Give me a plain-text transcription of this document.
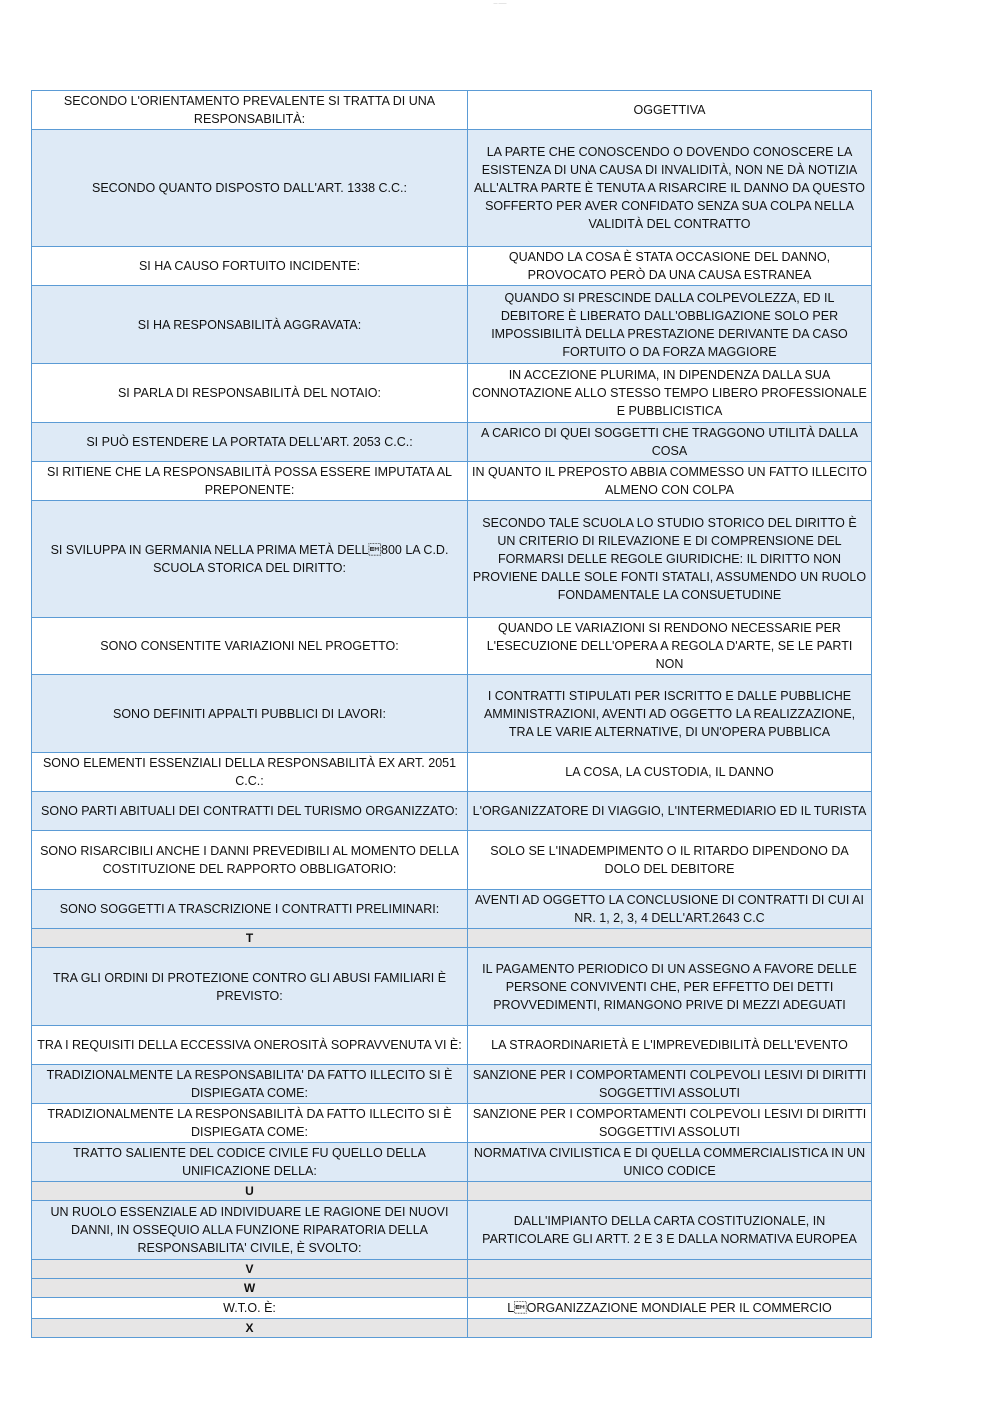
— ——
SECONDO L'ORIENTAMENTO PREVALENTE SI TRATTA DI UNA RESPONSABILITÀ:	OGGETTIVA
SECONDO QUANTO DISPOSTO DALL'ART. 1338 C.C.:	LA PARTE CHE CONOSCENDO O DOVENDO CONOSCERE LA ESISTENZA DI UNA CAUSA DI INVALIDITÀ, NON NE DÀ NOTIZIA ALL'ALTRA PARTE È TENUTA A RISARCIRE IL DANNO DA QUESTO SOFFERTO PER AVER CONFIDATO SENZA SUA COLPA NELLA VALIDITÀ DEL CONTRATTO
SI HA CAUSO FORTUITO INCIDENTE:	QUANDO LA COSA È STATA OCCASIONE DEL DANNO, PROVOCATO PERÒ DA UNA CAUSA ESTRANEA
SI HA RESPONSABILITÀ AGGRAVATA:	QUANDO SI PRESCINDE DALLA COLPEVOLEZZA, ED IL DEBITORE È LIBERATO DALL'OBBLIGAZIONE SOLO PER IMPOSSIBILITÀ DELLA PRESTAZIONE DERIVANTE DA CASO FORTUITO O DA FORZA MAGGIORE
SI PARLA DI RESPONSABILITÀ DEL NOTAIO:	IN ACCEZIONE PLURIMA, IN DIPENDENZA DALLA SUA CONNOTAZIONE ALLO STESSO TEMPO LIBERO PROFESSIONALE E PUBBLICISTICA
SI PUÒ ESTENDERE LA PORTATA DELL'ART. 2053 C.C.:	A CARICO DI QUEI SOGGETTI CHE TRAGGONO UTILITÀ DALLA COSA
SI RITIENE CHE LA RESPONSABILITÀ POSSA ESSERE IMPUTATA AL PREPONENTE:	IN QUANTO IL PREPOSTO ABBIA COMMESSO UN FATTO ILLECITO ALMENO CON COLPA
SI SVILUPPA IN GERMANIA NELLA PRIMA METÀ DELL800 LA C.D. SCUOLA STORICA DEL DIRITTO:	SECONDO TALE SCUOLA LO STUDIO STORICO DEL DIRITTO È UN CRITERIO DI RILEVAZIONE E DI COMPRENSIONE DEL FORMARSI DELLE REGOLE GIURIDICHE: IL DIRITTO NON PROVIENE DALLE SOLE FONTI STATALI, ASSUMENDO UN RUOLO FONDAMENTALE LA CONSUETUDINE
SONO CONSENTITE VARIAZIONI NEL PROGETTO:	QUANDO LE VARIAZIONI SI RENDONO NECESSARIE PER L'ESECUZIONE DELL'OPERA A REGOLA D'ARTE, SE LE PARTI NON
SONO DEFINITI APPALTI PUBBLICI DI LAVORI:	I CONTRATTI STIPULATI PER ISCRITTO E DALLE PUBBLICHE AMMINISTRAZIONI, AVENTI AD OGGETTO LA REALIZZAZIONE, TRA LE VARIE ALTERNATIVE, DI UN'OPERA PUBBLICA
SONO ELEMENTI ESSENZIALI DELLA RESPONSABILITÀ EX ART. 2051 C.C.:	LA COSA, LA CUSTODIA, IL DANNO
SONO PARTI ABITUALI DEI CONTRATTI DEL TURISMO ORGANIZZATO:	L'ORGANIZZATORE DI VIAGGIO, L'INTERMEDIARIO ED IL TURISTA
SONO RISARCIBILI ANCHE I DANNI PREVEDIBILI AL MOMENTO DELLA COSTITUZIONE DEL RAPPORTO OBBLIGATORIO:	SOLO SE L'INADEMPIMENTO O IL RITARDO DIPENDONO DA DOLO DEL DEBITORE
SONO SOGGETTI A TRASCRIZIONE I CONTRATTI PRELIMINARI:	AVENTI AD OGGETTO LA CONCLUSIONE DI CONTRATTI DI CUI AI NR. 1, 2, 3, 4 DELL'ART.2643 C.C
T	
TRA GLI ORDINI DI PROTEZIONE CONTRO GLI ABUSI FAMILIARI È PREVISTO:	IL PAGAMENTO PERIODICO DI UN ASSEGNO A FAVORE DELLE PERSONE CONVIVENTI CHE, PER EFFETTO DEI DETTI PROVVEDIMENTI, RIMANGONO PRIVE DI MEZZI ADEGUATI
TRA I REQUISITI DELLA ECCESSIVA ONEROSITÀ SOPRAVVENUTA VI È:	LA STRAORDINARIETÀ E L'IMPREVEDIBILITÀ DELL'EVENTO
TRADIZIONALMENTE LA RESPONSABILITA' DA FATTO ILLECITO SI È DISPIEGATA COME:	SANZIONE PER I COMPORTAMENTI COLPEVOLI LESIVI DI DIRITTI SOGGETTIVI ASSOLUTI
TRADIZIONALMENTE LA RESPONSABILITÀ DA FATTO ILLECITO SI È DISPIEGATA COME:	SANZIONE PER I COMPORTAMENTI COLPEVOLI LESIVI DI DIRITTI SOGGETTIVI ASSOLUTI
TRATTO SALIENTE DEL CODICE CIVILE FU QUELLO DELLA UNIFICAZIONE DELLA:	NORMATIVA CIVILISTICA E DI QUELLA COMMERCIALISTICA IN UN UNICO CODICE
U	
UN RUOLO ESSENZIALE AD INDIVIDUARE LE RAGIONE DEI NUOVI DANNI, IN OSSEQUIO ALLA FUNZIONE RIPARATORIA DELLA RESPONSABILITA' CIVILE, È SVOLTO:	DALL'IMPIANTO DELLA CARTA COSTITUZIONALE, IN PARTICOLARE GLI ARTT. 2 E 3 E DALLA NORMATIVA EUROPEA
V	
W	
W.T.O. È:	LORGANIZZAZIONE MONDIALE PER IL COMMERCIO
X	
